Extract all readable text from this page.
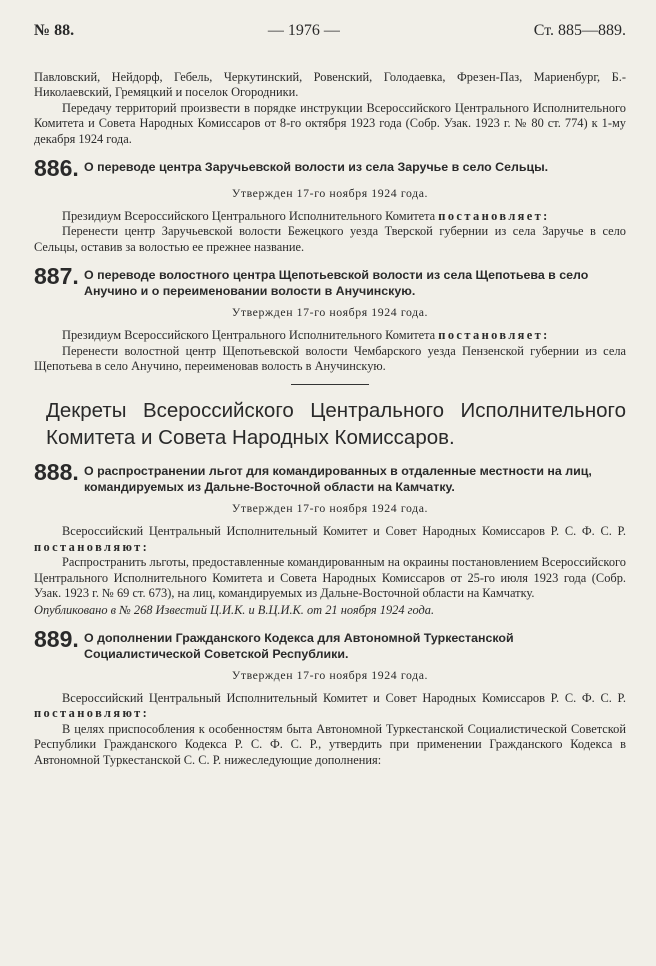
№ 88.	— 1976 —	Ст. 885—889.

Павловский, Нейдорф, Гебель, Черкутинский, Ровенский, Голодаевка, Фрезен-Паз, Мариенбург, Б.-Николаевский, Гремяцкий и поселок Огородники.

Передачу территорий произвести в порядке инструкции Всероссийского Центрального Исполнительного Комитета и Совета Народных Комиссаров от 8-го октября 1923 года (Собр. Узак. 1923 г. № 80 ст. 774) к 1-му декабря 1924 года.

886. О переводе центра Заручьевской волости из села Заручье в село Сельцы.
Утвержден 17-го ноября 1924 года.

Президиум Всероссийского Центрального Исполнительного Комитета постановляет:

Перенести центр Заручьевской волости Бежецкого уезда Тверской губернии из села Заручье в село Сельцы, оставив за волостью ее прежнее название.

887. О переводе волостного центра Щепотьевской волости из села Щепотьева в село Анучино и о переименовании волости в Анучинскую.
Утвержден 17-го ноября 1924 года.

Президиум Всероссийского Центрального Исполнительного Комитета постановляет:

Перенести волостной центр Щепотьевской волости Чембарского уезда Пензенской губернии из села Щепотьева в село Анучино, переименовав волость в Анучинскую.

Декреты Всероссийского Центрального Исполнительного Комитета и Совета Народных Комиссаров.
888. О распространении льгот для командированных в отдаленные местности на лиц, командируемых из Дальне-Восточной области на Камчатку.
Утвержден 17-го ноября 1924 года.

Всероссийский Центральный Исполнительный Комитет и Совет Народных Комиссаров Р. С. Ф. С. Р. постановляют:

Распространить льготы, предоставленные командированным на окраины постановлением Всероссийского Центрального Исполнительного Комитета и Совета Народных Комиссаров от 25-го июля 1923 года (Собр. Узак. 1923 г. № 69 ст. 673), на лиц, командируемых из Дальне-Восточной области на Камчатку.

Опубликовано в № 268 Известий Ц.И.К. и В.Ц.И.К. от 21 ноября 1924 года.

889. О дополнении Гражданского Кодекса для Автономной Туркестанской Социалистической Советской Республики.
Утвержден 17-го ноября 1924 года.

Всероссийский Центральный Исполнительный Комитет и Совет Народных Комиссаров Р. С. Ф. С. Р. постановляют:

В целях приспособления к особенностям быта Автономной Туркестанской Социалистической Советской Республики Гражданского Кодекса Р. С. Ф. С. Р., утвердить при применении Гражданского Кодекса в Автономной Туркестанской С. С. Р. нижеследующие дополнения:
